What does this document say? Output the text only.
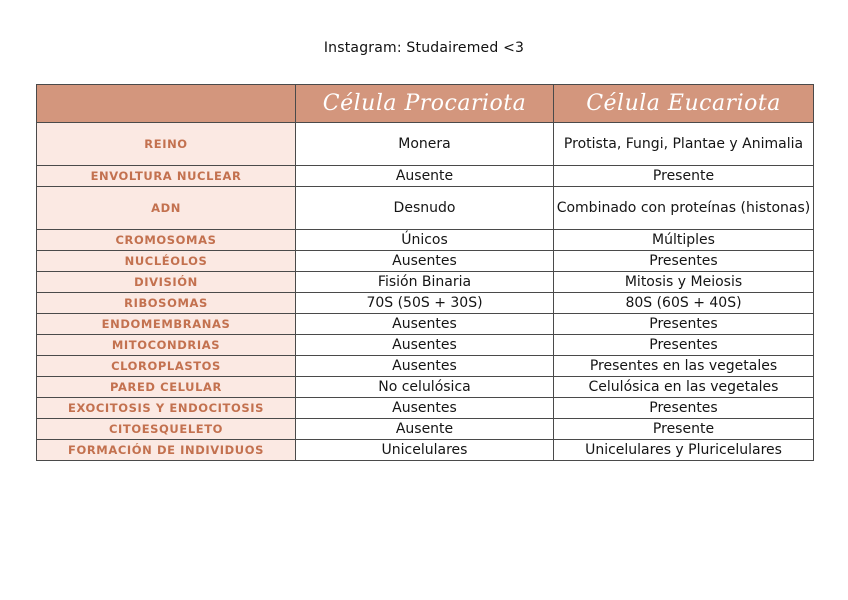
Instagram: Studairemed <3
	Célula Procariota	Célula Eucariota
REINO	Monera	Protista, Fungi, Plantae y Animalia
ENVOLTURA NUCLEAR	Ausente	Presente
ADN	Desnudo	Combinado con proteínas (histonas)
CROMOSOMAS	Únicos	Múltiples
NUCLÉOLOS	Ausentes	Presentes
DIVISIÓN	Fisión Binaria	Mitosis y Meiosis
RIBOSOMAS	70S (50S + 30S)	80S (60S + 40S)
ENDOMEMBRANAS	Ausentes	Presentes
MITOCONDRIAS	Ausentes	Presentes
CLOROPLASTOS	Ausentes	Presentes en las vegetales
PARED CELULAR	No celulósica	Celulósica en las vegetales
EXOCITOSIS Y ENDOCITOSIS	Ausentes	Presentes
CITOESQUELETO	Ausente	Presente
FORMACIÓN DE INDIVIDUOS	Unicelulares	Unicelulares y Pluricelulares
